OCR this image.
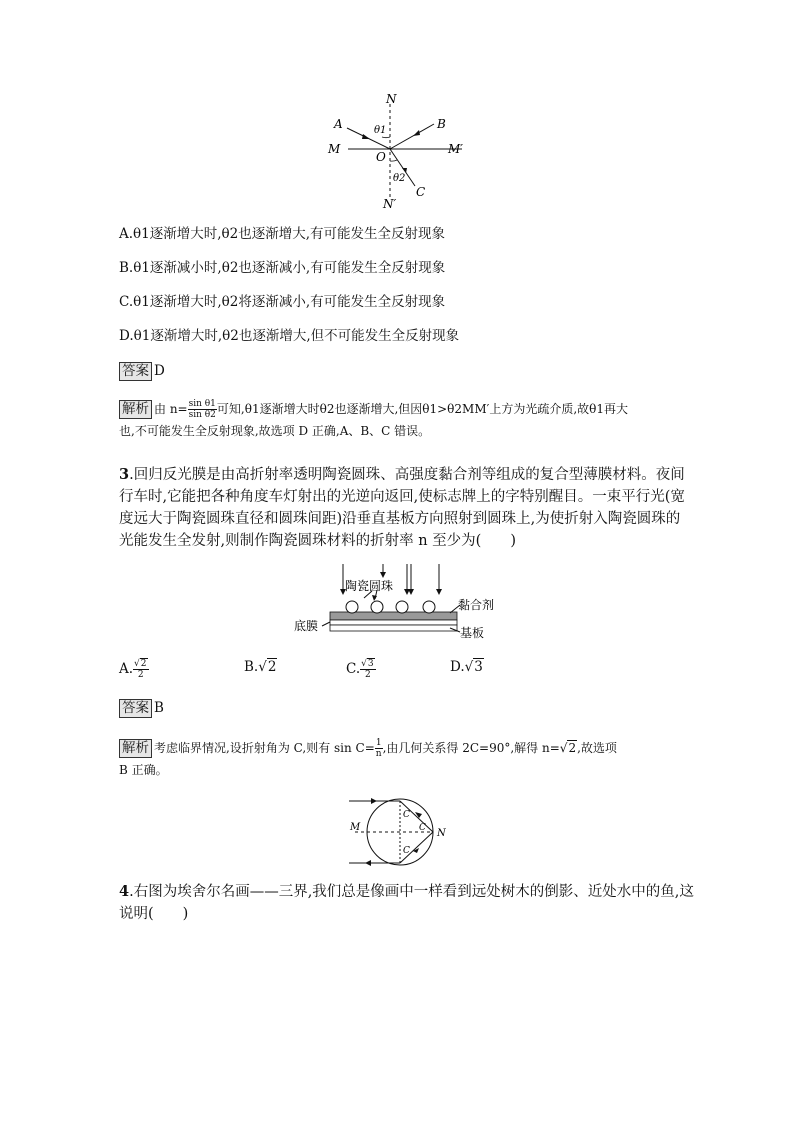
N
A	B
M
O
M′
θ1
θ2
C
N′
A.θ1逐渐增大时,θ2也逐渐增大,有可能发生全反射现象
B.θ1逐渐减小时,θ2也逐渐减小,有可能发生全反射现象
C.θ1逐渐增大时,θ2将逐渐减小,有可能发生全反射现象
D.θ1逐渐增大时,θ2也逐渐增大,但不可能发生全反射现象
答案 D
解析 由 $n= \frac{\text{sin θ1}}{\text{sin θ2}}$ 可知,θ1逐渐增大时θ2也逐渐增大,但因θ1>θ2MM′上方为光疏介质,故θ1再大
也,不可能发生全反射现象,故选项 D 正确,A、B、C 错误。
3.回归反光膜是由高折射率透明陶瓷圆珠、高强度黏合剂等组成的复合型薄膜材料。夜间
行车时,它能把各种角度车灯射出的光逆向返回,使标志牌上的字特别醒目。一束平行光(宽
度远大于陶瓷圆珠直径和圆珠间距)沿垂直基板方向照射到圆珠上,为使折射入陶瓷圆珠的
光能发生全发射,则制作陶瓷圆珠材料的折射率 n 至少为(　　)
陶瓷圆珠
黏合剂
底膜	基板
A. $\frac{√2}{2}$	B.√2	C. $\frac{√3}{2}$	D.√3
答案 B
解析 考虑临界情况,设折射角为 C,则有 $\sin C= \frac{1}{n}$ ,由几何关系得 2C=90°,解得 n=√2,故选项
B 正确。
M
N
C
C
C
4.右图为埃舍尔名画——三界,我们总是像画中一样看到远处树木的倒影、近处水中的鱼,这
说明(　　)
